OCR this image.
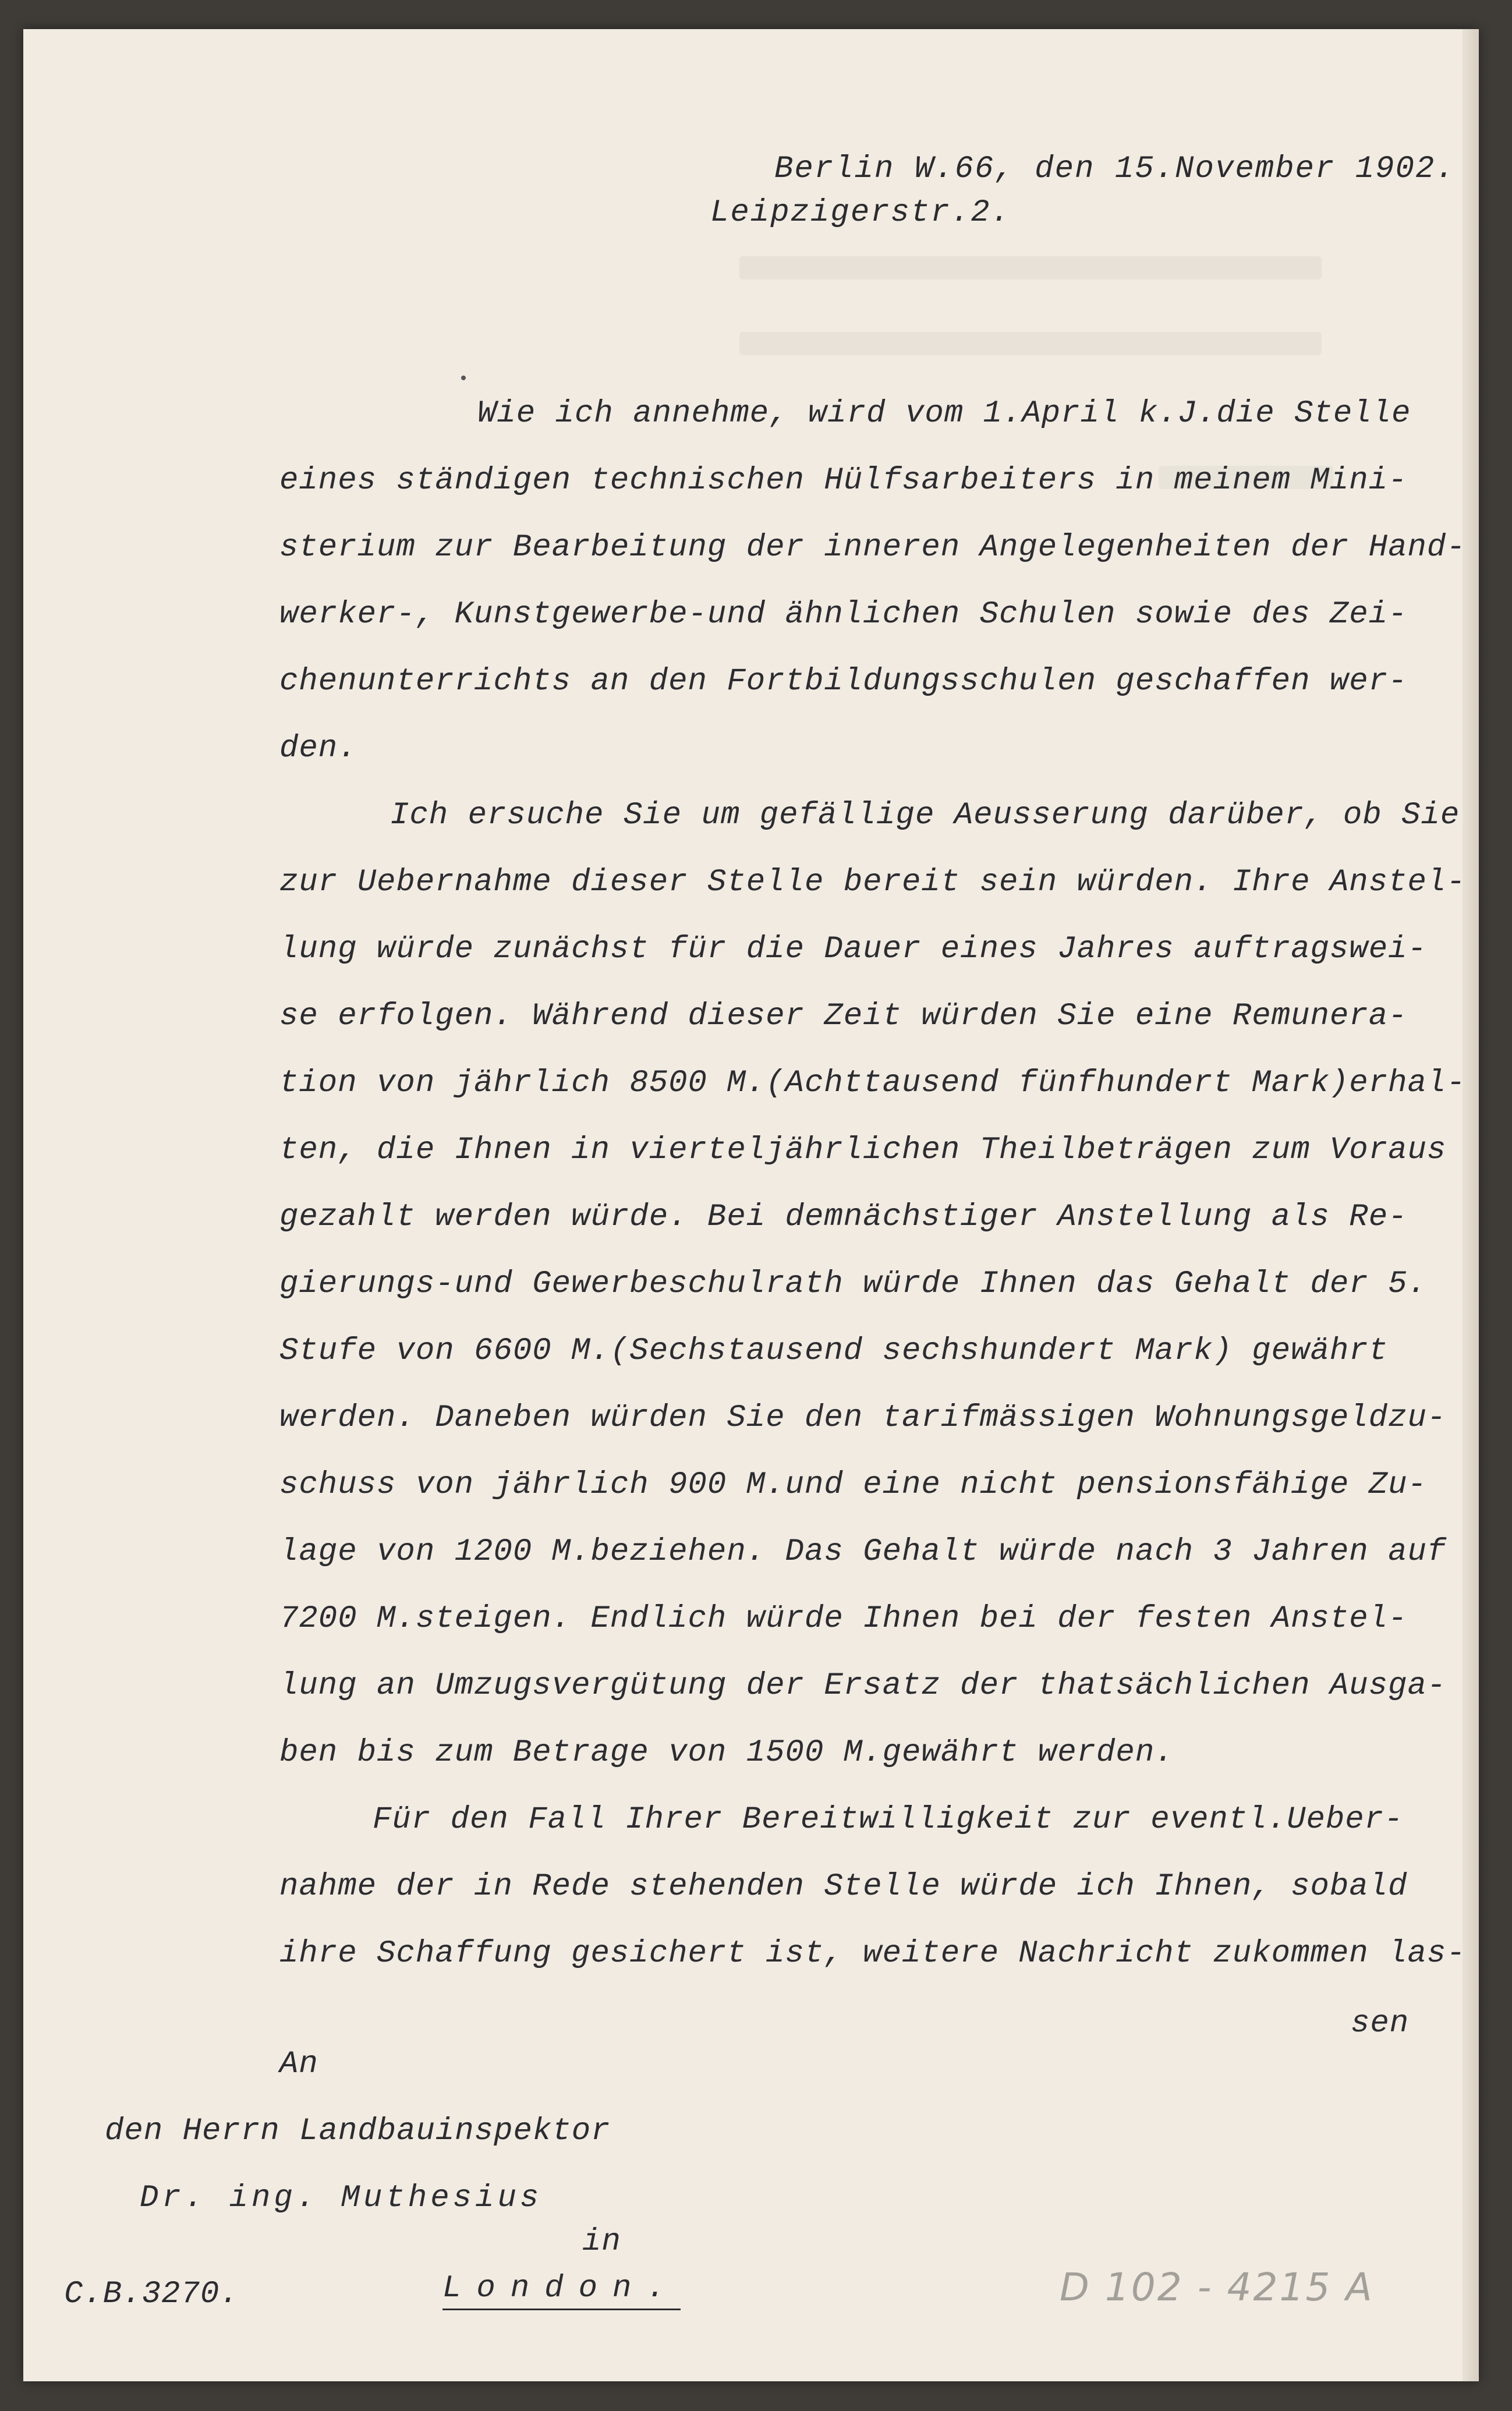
Berlin W.66, den 15.November 1902.
Leipzigerstr.2.
Wie ich annehme, wird vom 1.April k.J.die Stelle
eines ständigen technischen Hülfsarbeiters in meinem Mini-
sterium zur Bearbeitung der inneren Angelegenheiten der Hand-
werker-, Kunstgewerbe-und ähnlichen Schulen sowie des Zei-
chenunterrichts an den Fortbildungsschulen geschaffen wer-
den.
Ich ersuche Sie um gefällige Aeusserung darüber, ob Sie
zur Uebernahme dieser Stelle bereit sein würden. Ihre Anstel-
lung würde zunächst für die Dauer eines Jahres auftragswei-
se erfolgen. Während dieser Zeit würden Sie eine Remunera-
tion von jährlich 8500 M.(Achttausend fünfhundert Mark)erhal-
ten, die Ihnen in vierteljährlichen Theilbeträgen zum Voraus
gezahlt werden würde. Bei demnächstiger Anstellung als Re-
gierungs-und Gewerbeschulrath würde Ihnen das Gehalt der 5.
Stufe von 6600 M.(Sechstausend sechshundert Mark) gewährt
werden. Daneben würden Sie den tarifmässigen Wohnungsgeldzu-
schuss von jährlich 900 M.und eine nicht pensionsfähige Zu-
lage von 1200 M.beziehen. Das Gehalt würde nach 3 Jahren auf
7200 M.steigen. Endlich würde Ihnen bei der festen Anstel-
lung an Umzugsvergütung der Ersatz der thatsächlichen Ausga-
ben bis zum Betrage von 1500 M.gewährt werden.
Für den Fall Ihrer Bereitwilligkeit zur eventl.Ueber-
nahme der in Rede stehenden Stelle würde ich Ihnen, sobald
ihre Schaffung gesichert ist, weitere Nachricht zukommen las-
sen
An
den Herrn Landbauinspektor
Dr. ing. Muthesius
in
London.
C.B.3270.	D 102 - 4215 A
